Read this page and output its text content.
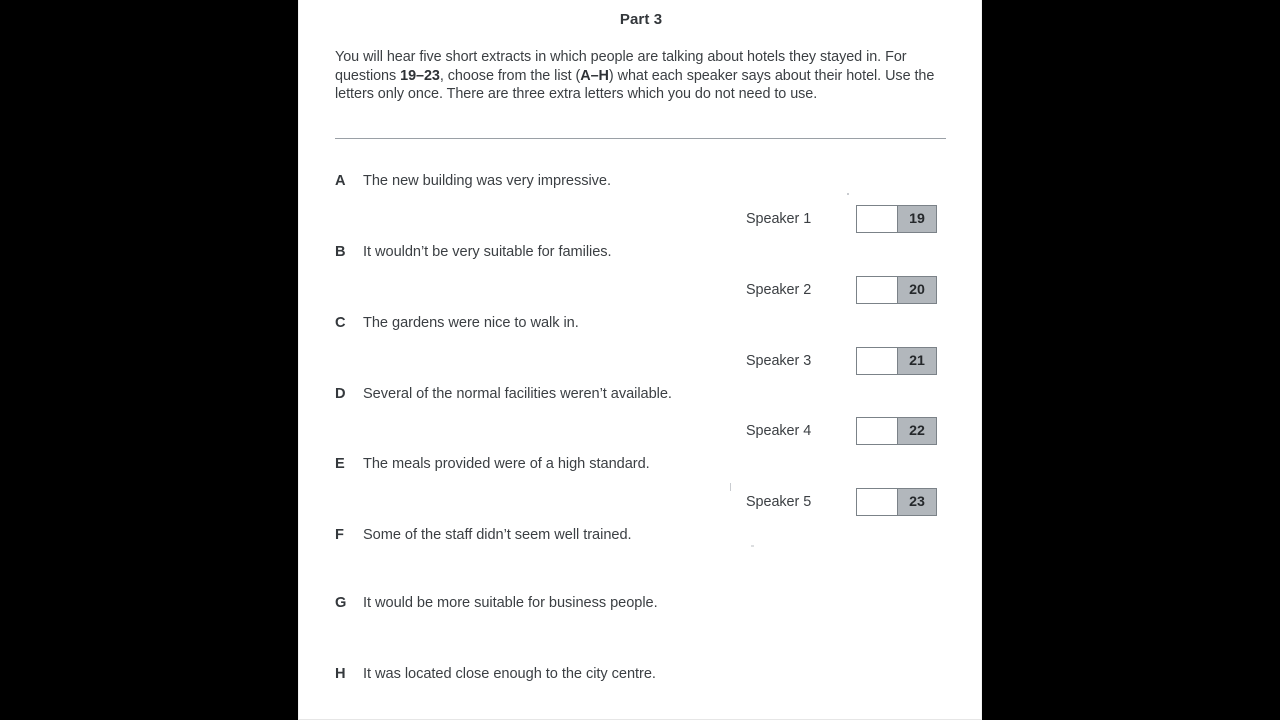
Part 3
You will hear five short extracts in which people are talking about hotels they stayed in. For questions 19–23, choose from the list (A–H) what each speaker says about their hotel. Use the letters only once. There are three extra letters which you do not need to use.
A The new building was very impressive.
B It wouldn’t be very suitable for families.
C The gardens were nice to walk in.
D Several of the normal facilities weren’t available.
E The meals provided were of a high standard.
F Some of the staff didn’t seem well trained.
G It would be more suitable for business people.
H It was located close enough to the city centre.
Speaker 1	19
Speaker 2	20
Speaker 3	21
Speaker 4	22
Speaker 5	23
